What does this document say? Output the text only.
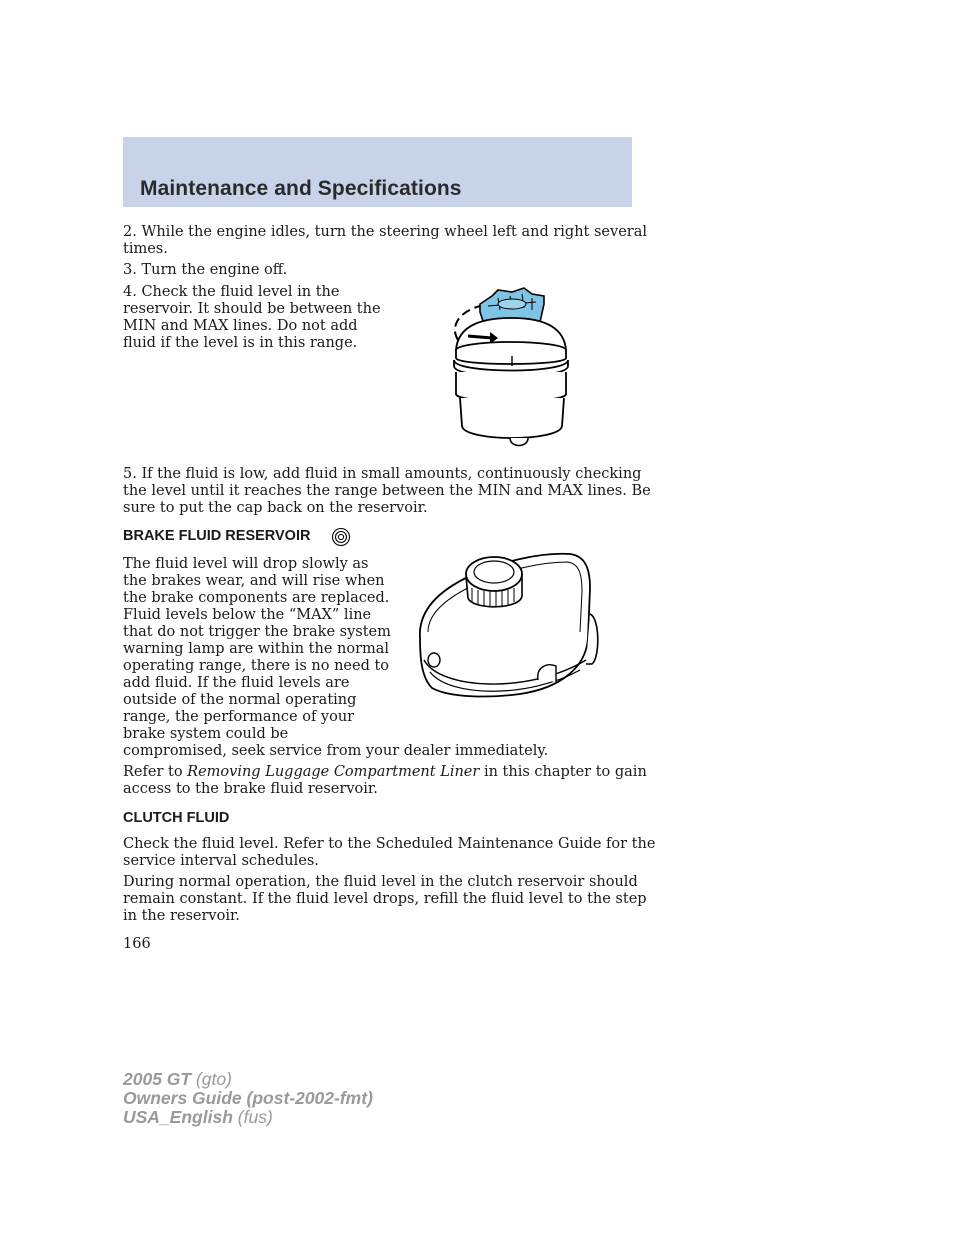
Maintenance and Specifications

2. While the engine idles, turn the steering wheel left and right several

times.

3. Turn the engine off.

4. Check the fluid level in the

reservoir. It should be between the

MIN and MAX lines. Do not add

fluid if the level is in this range.

5. If the fluid is low, add fluid in small amounts, continuously checking

the level until it reaches the range between the MIN and MAX lines. Be

sure to put the cap back on the reservoir.

BRAKE FLUID RESERVOIR

The fluid level will drop slowly as

the brakes wear, and will rise when

the brake components are replaced.

Fluid levels below the “MAX” line

that do not trigger the brake system

warning lamp are within the normal

operating range, there is no need to

add fluid. If the fluid levels are

outside of the normal operating

range, the performance of your

brake system could be

compromised, seek service from your dealer immediately.

Refer to Removing Luggage Compartment Liner in this chapter to gain

access to the brake fluid reservoir.

CLUTCH FLUID

Check the fluid level. Refer to the Scheduled Maintenance Guide for the

service interval schedules.

During normal operation, the fluid level in the clutch reservoir should

remain constant. If the fluid level drops, refill the fluid level to the step

in the reservoir.

166

2005 GT (gto)
Owners Guide (post-2002-fmt)
USA_English (fus)
